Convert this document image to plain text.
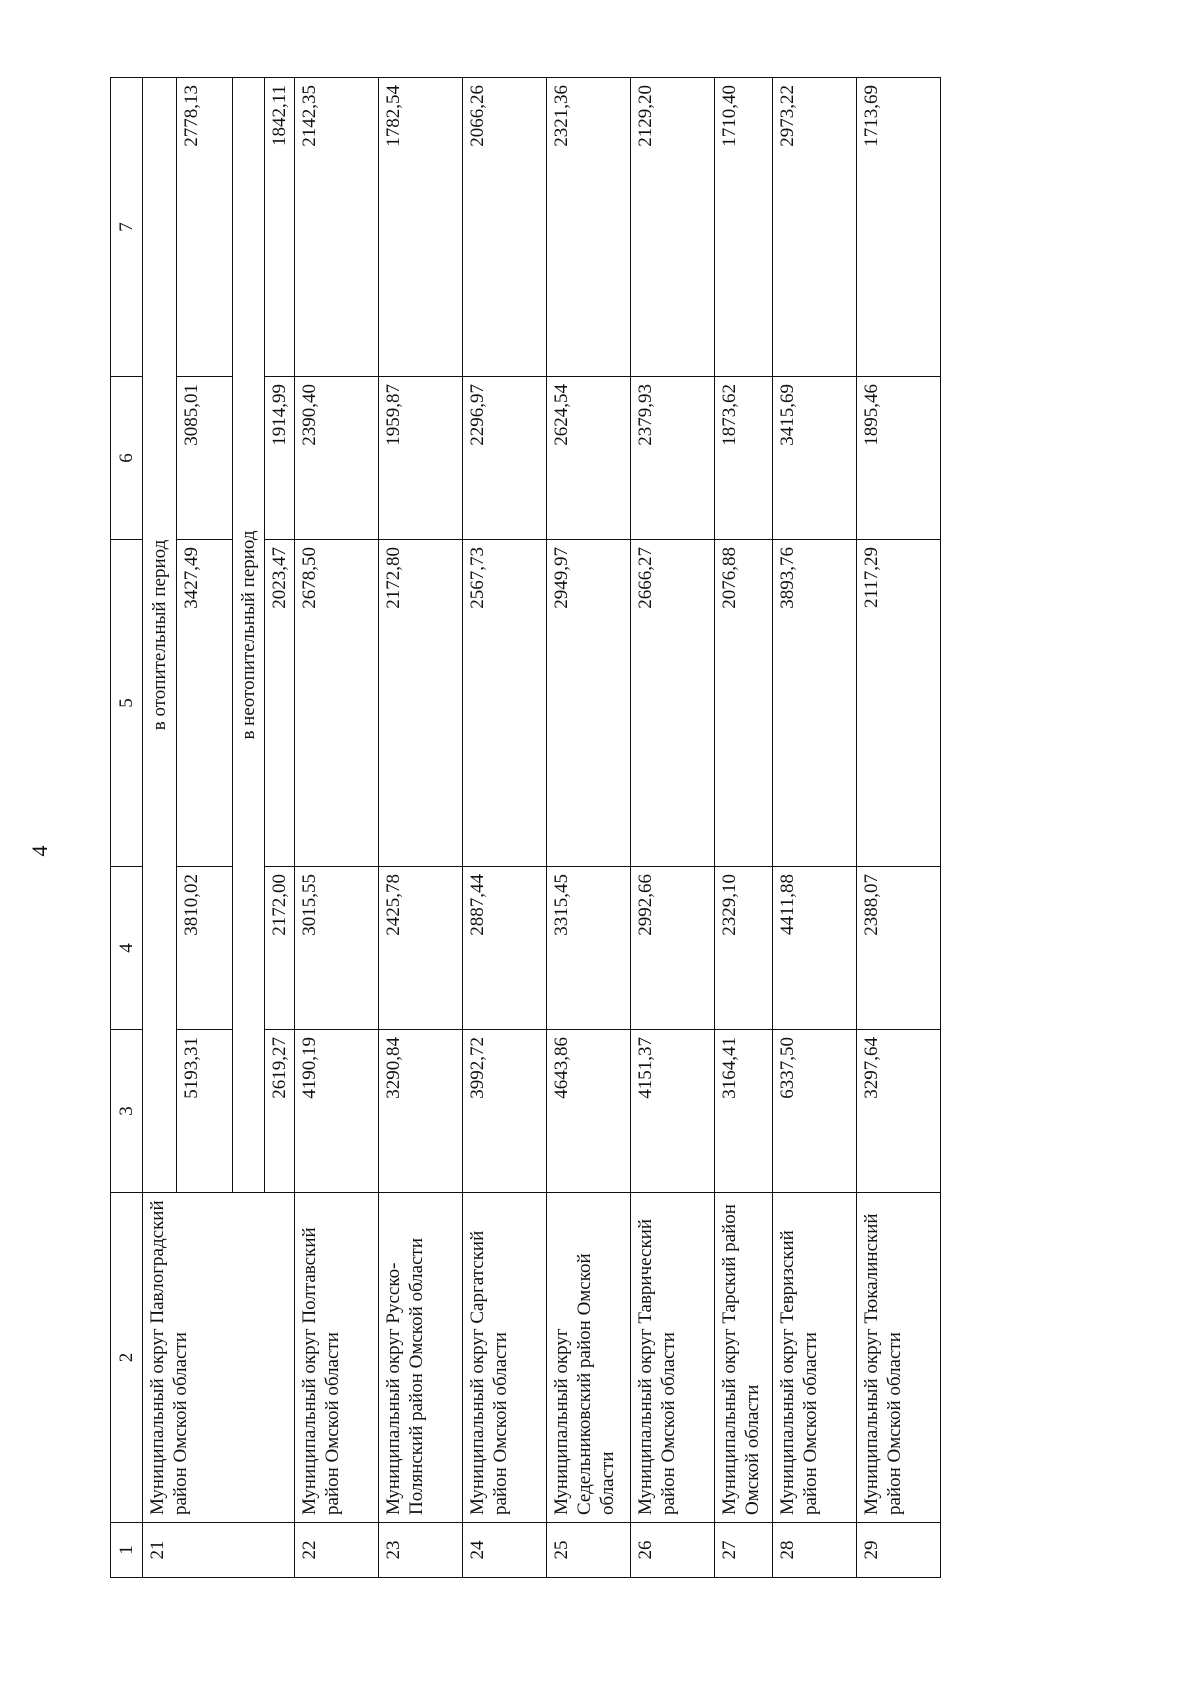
4
1	2	3	4	5	6	7
21	Муниципальный округ Павлоградский район Омской области	в отопительный период				
		5193,31	3810,02	3427,49	3085,01	2778,13
		в неотопительный период				
		2619,27	2172,00	2023,47	1914,99	1842,11
22	Муниципальный округ Полтавский район Омской области	4190,19	3015,55	2678,50	2390,40	2142,35
23	Муниципальный округ Русско-Полянский район Омской области	3290,84	2425,78	2172,80	1959,87	1782,54
24	Муниципальный округ Саргатский район Омской области	3992,72	2887,44	2567,73	2296,97	2066,26
25	Муниципальный округ Седельниковский район Омской области	4643,86	3315,45	2949,97	2624,54	2321,36
26	Муниципальный округ Таврический район Омской области	4151,37	2992,66	2666,27	2379,93	2129,20
27	Муниципальный округ Тарский район Омской области	3164,41	2329,10	2076,88	1873,62	1710,40
28	Муниципальный округ Тевризский район Омской области	6337,50	4411,88	3893,76	3415,69	2973,22
29	Муниципальный округ Тюкалинский район Омской области	3297,64	2388,07	2117,29	1895,46	1713,69
